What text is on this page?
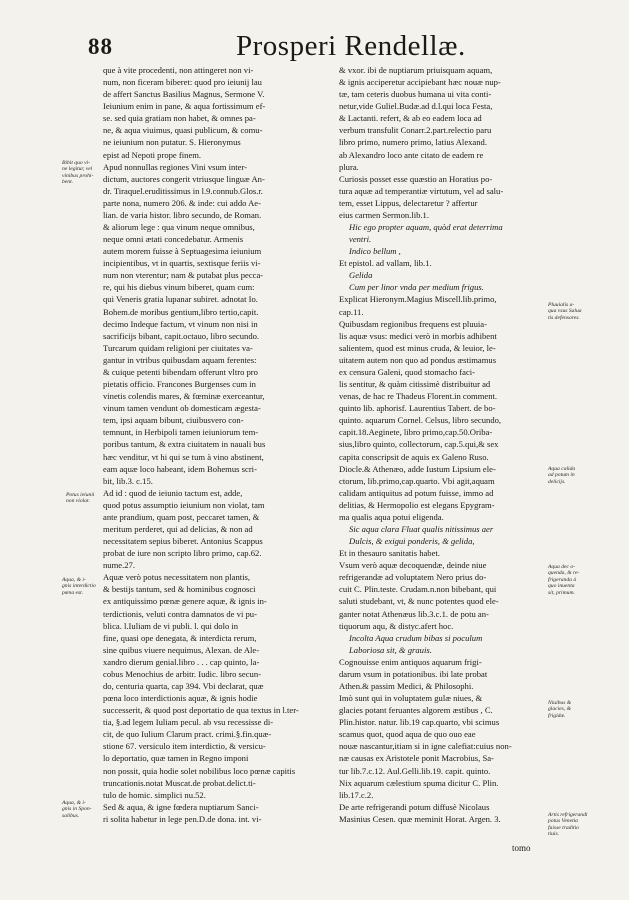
88	Prosperi Rendellæ.
que à vite procedenti, non attingeret non vi-
num, non ficeram biberet: quod pro ieiunij lau
de affert Sanctus Basilius Magnus, Sermone V.
Ieiunium enim in pane, & aqua fortissimum ef-
se. sed quia gratiam non habet, & omnes pa-
ne, & aqua viuimus, quasi publicum, & comu-
ne ieiunium non putatur. S. Hieronymus
epist ad Nepoti prope finem.
Apud nonnullas regiones Vini vsum inter-
dictum, auctores congerit vtriusque linguæ An-
dr. Tiraquel.eruditissimus in l.9.connub.Glos.r.
parte nona, numero 206. & inde: cui addo Ae-
lian. de varia histor. libro secundo, de Roman.
& aliorum lege : qua vinum neque omnibus,
neque omni ætati concedebatur. Armenis
autem morem fuisse à Septuagesima ieiunium
incipientibus, vt in quartis, sextisque feriis vi-
num non vterentur; nam & putabat plus pecca-
re, qui his diebus vinum biberet, quam cum:
qui Veneris gratia lupanar subiret. adnotat Io.
Bohem.de moribus gentium,libro tertio,capit.
decimo Indeque factum, vt vinum non nisi in
sacrificijs bibant, capit.octauo, libro secundo.
Turcarum quidam religioni per ciuitates va-
gantur in vtribus quibusdam aquam ferentes:
& cuique petenti bibendam offerunt vltro pro
pietatis officio. Francones Burgenses cum in
vinetis colendis mares, & fœminæ exerceantur,
vinum tamen vendunt ob domesticam ægesta-
tem, ipsi aquam bibunt, ciuibusvero con-
temnunt, in Herbipoli tamen ieiuniorum tem-
poribus tantum, & extra ciuitatem in nauali bus
hæc venditur, vt hi qui se tum à vino abstinent,
eam aquæ loco habeant, idem Bohemus scri-
bit, lib.3. c.15.
Ad id : quod de ieiunio tactum est, adde,
quod potus assumptio ieiunium non violat, tam
ante prandium, quam post, peccaret tamen, &
meritum perderet, qui ad delicias, & non ad
necessitatem sepius biberet. Antonius Scappus
probat de iure non scripto libro primo, cap.62.
nume.27.
Aquæ verò potus necessitatem non plantis,
& bestijs tantum, sed & hominibus cognosci
ex antiquissimo pœnæ genere aquæ, & ignis in-
terdictionis, veluti contra damnatos de vi pu-
blica. l.Iuliam de vi publi. l. qui dolo in
fine, quasi ope denegata, & interdicta rerum,
sine quibus viuere nequimus, Alexan. de Ale-
xandro dierum genial.libro . . . cap quinto, la-
cobus Menochius de arbitr. Iudic. libro secun-
do, centuria quarta, cap 394. Vbi declarat, quæ
pœna loco interdictionis aquæ, & ignis hodie
successerit, & quod post deportatio de qua textus in l.ter-
tia, §.ad legem Iuliam pecul. ab vsu recessisse di-
cit, de quo Iulium Clarum pract. crimi.§.fin.quæ-
stione 67. versiculo item interdictio, & versicu-
lo deportatio, quæ tamen in Regno imponi
non possit, quia hodie solet nobilibus loco pœnæ capitis
truncationis.notat Muscat.de probat.delict.ti-
tulo de homic. simplici nu.52.
Sed & aqua, & igne fœdera nuptiarum Sanci-
ri solita habetur in lege pen.D.de dona. int. vi-
& vxor. ibi de nuptiarum priuisquam aquam,
& ignis acciperetur accipiebant hæc nouæ nup-
tæ, tam ceteris duobus humana ui vita conti-
netur,vide Guliel.Budæ.ad d.l.qui loca Festa,
& Lactanti. refert, & ab eo eadem loca ad
verbum transfulit Conarr.2.part.relectio paru
libro primo, numero primo, latius Alexand.
ab Alexandro loco ante citato de eadem re
plura.
Curiosis posset esse quæstio an Horatius po-
tura aquæ ad temperantiæ virtutum, vel ad salu-
tem, esset Lippus, delectaretur ? affertur
eius carmen Sermon.lib.1.
Hic ego propter aquam, quòd erat deterrima
ventri.
Indico bellum ,
Et epistol. ad vallam, lib.1.
Gelida
Cum per linor vnda per medium frigus.
Explicat Hieronym.Magius Miscell.lib.primo,
cap.11.
Quibusdam regionibus frequens est pluuia-
lis aquæ vsus: medici verò in morbis adhibent
salientem, quod est minus cruda, & leuior, le-
uitatem autem non quo ad pondus æstimamus
ex censura Galeni, quod stomacho faci-
lis sentitur, & quàm citissimè distribuitur ad
venas, de hac re Thadeus Florent.in comment.
quinto lib. aphorisf. Laurentius Tabert. de bo-
quinto. aquarum Cornel. Celsus, libro secundo,
capit.18.Aeginete, libro primo,cap.50.Oriba-
sius,libro quinto, collectorum, cap.5.qui,& sex
capita conscripsit de aquis ex Galeno Ruso.
Diocle.& Athenæo, adde Iustum Lipsium ele-
ctorum, lib.primo,cap.quarto. Vbi agit,aquam
calidam antiquitus ad potum fuisse, immo ad
delitias, & Hermopolio est elegans Epygram-
ma qualis aqua potui eligenda.
Sic aqua clara Fluat qualis nitissimus aer
Dulcis, & exigui ponderis, & gelida,
Et in thesauro sanitatis habet.
Vsum verò aquæ decoquendæ, deinde niue
refrigerandæ ad voluptatem Nero prius do-
cuit C. Plin.teste. Crudam.n.non bibebant, qui
saluti studebant, vt, & nunc potentes quod ele-
ganter notat Athenæus lib.3.c.1. de potu an-
tiquorum aqu, & distyc.afert hoc.
Incolta Aqua crudum bibas si poculum
Laboriosa sit, & grauis.
Cognouisse enim antiquos aquarum frigi-
darum vsum in potationibus. ibi late probat
Athen.& passim Medici, & Philosophi.
Imò sunt qui in voluptatem gulæ niues, &
glacies potant feruantes algorem æstibus , C.
Plin.histor. natur. lib.19 cap.quarto, vbi scimus
scamus quot, quod aqua de quo ouo eae
nouæ nascantur,itiam si in igne calefiat:cuius non-
næ causas ex Aristotele ponit Macrobius, Sa-
tur lib.7.c.12. Aul.Gelli.lib.19. capit. quinto.
Nix aquarum cælestium spuma dicitur C. Plin.
lib.17.c.2.
De arte refrigerandi potum diffusè Nicolaus
Masinius Cesen. quæ meminit Horat. Argen. 3.
Bibit quo vi-
ne legitur, vel
vinibus prohi-
bent.
Potus ieiunii
non violat.
Aqua, & i-
gnis interdictio
pœna est.
Aqua, & i-
gnis in Spon-
salibus.
Pluuialis a-
qua vsus Salua
tis defensores.
Aqua calida
ad potum in
delicijs.
Aqua dec o-
quenda, & re-
frigeranda à
quo inuenta
sit, primum.
Niuibus &
glacies, &
frigidæ.
Artis refrigerandi
potus Venetia
fuisse traditio
tiuis.
tomo
